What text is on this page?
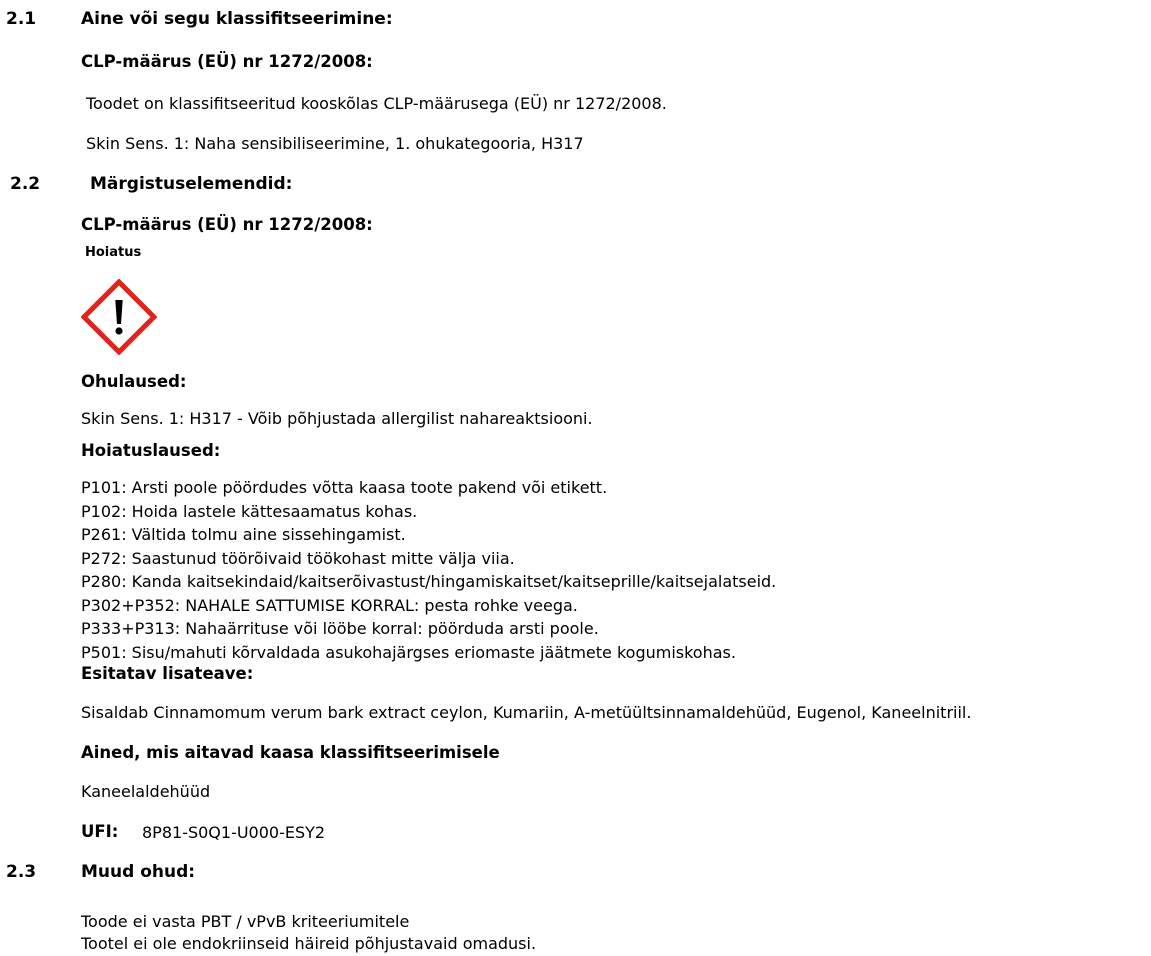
2.1	Aine või segu klassifitseerimine:
CLP-määrus (EÜ) nr 1272/2008:
Toodet on klassifitseeritud kooskõlas CLP-määrusega (EÜ) nr 1272/2008.
Skin Sens. 1: Naha sensibiliseerimine, 1. ohukategooria, H317
2.2	Märgistuselemendid:
CLP-määrus (EÜ) nr 1272/2008:
Hoiatus
Ohulaused:
Skin Sens. 1: H317 - Võib põhjustada allergilist nahareaktsiooni.
Hoiatuslaused:
P101: Arsti poole pöördudes võtta kaasa toote pakend või etikett.
P102: Hoida lastele kättesaamatus kohas.
P261: Vältida tolmu aine sissehingamist.
P272: Saastunud töörõivaid töökohast mitte välja viia.
P280: Kanda kaitsekindaid/kaitserõivastust/hingamiskaitset/kaitseprille/kaitsejalatseid.
P302+P352: NAHALE SATTUMISE KORRAL: pesta rohke veega.
P333+P313: Nahaärrituse või lööbe korral: pöörduda arsti poole.
P501: Sisu/mahuti kõrvaldada asukohajärgses eriomaste jäätmete kogumiskohas.
Esitatav lisateave:
Sisaldab Cinnamomum verum bark extract ceylon, Kumariin, A-metüültsinnamaldehüüd, Eugenol, Kaneelnitriil.
Ained, mis aitavad kaasa klassifitseerimisele
Kaneelaldehüüd
UFI: 8P81-S0Q1-U000-ESY2
2.3	Muud ohud:
Toode ei vasta PBT / vPvB kriteeriumitele
Tootel ei ole endokriinseid häireid põhjustavaid omadusi.
